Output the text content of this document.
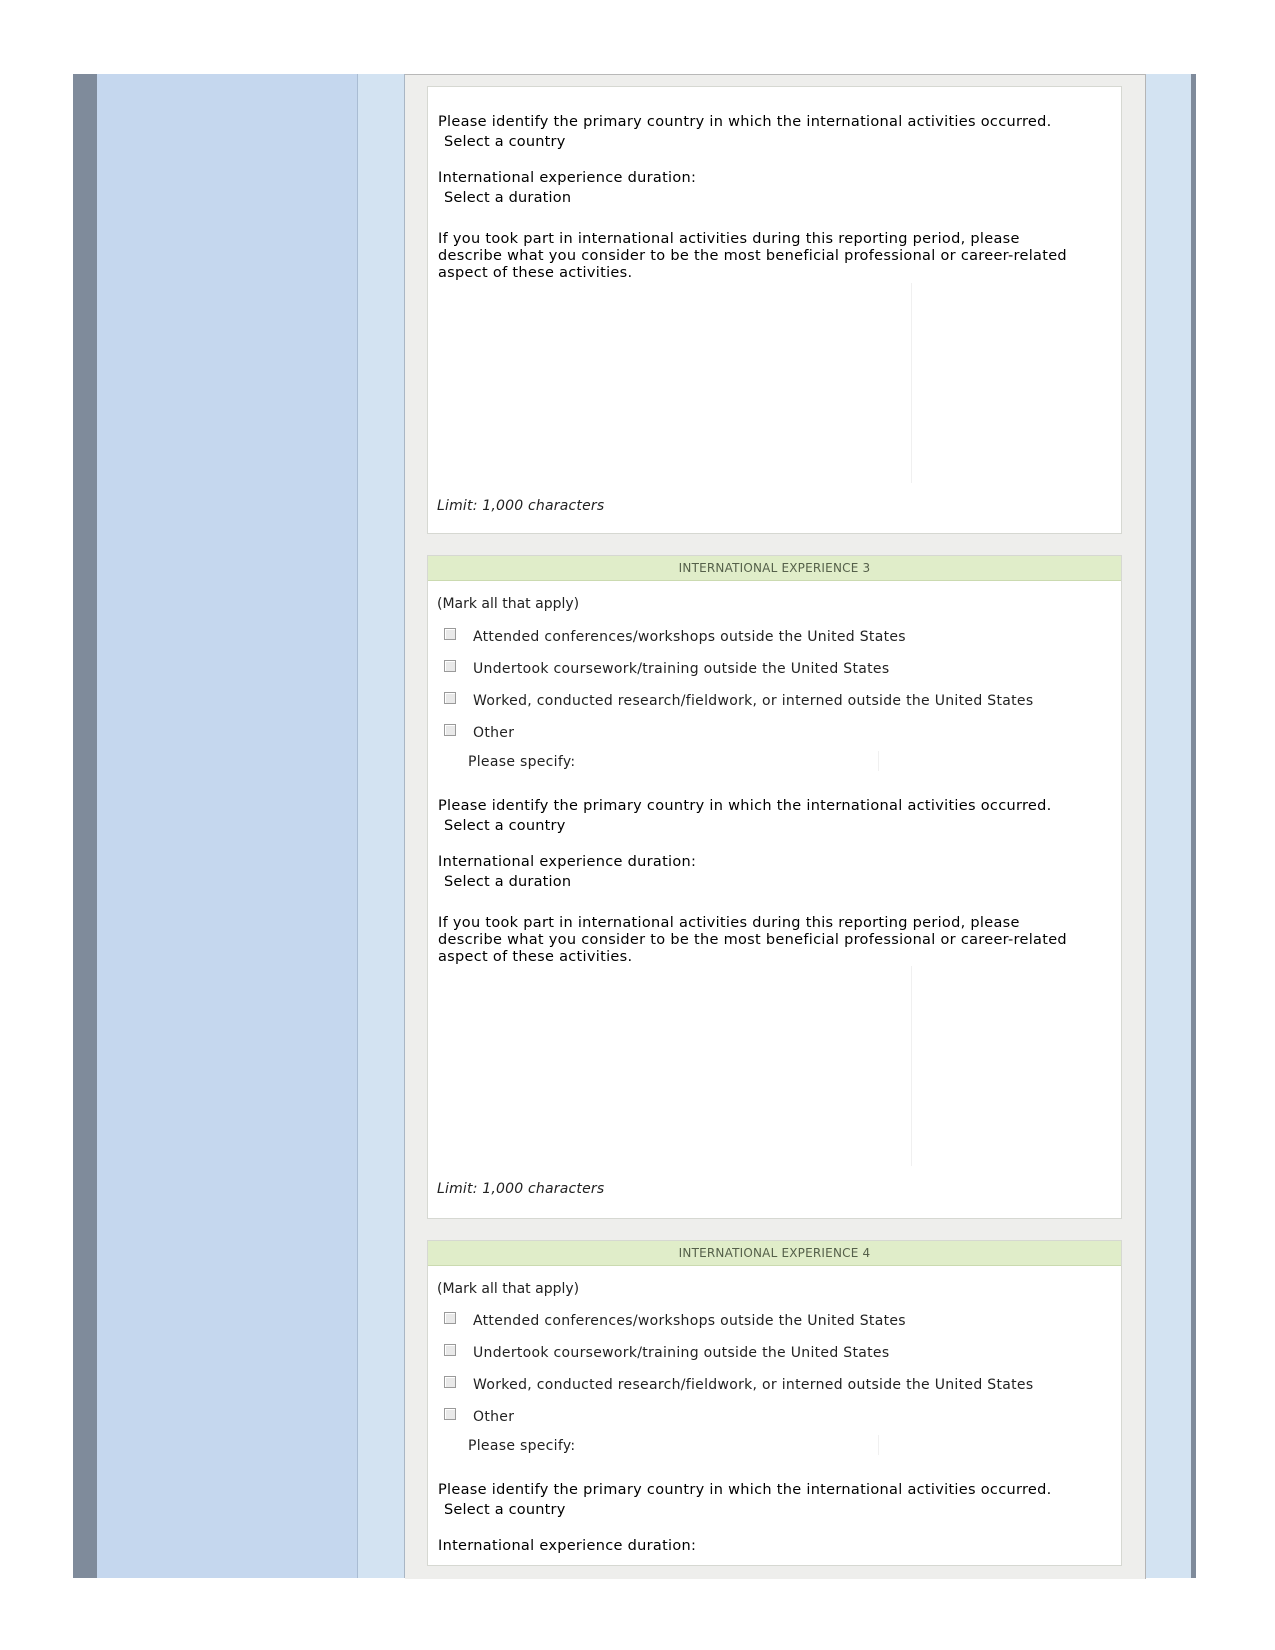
Please identify the primary country in which the international activities occurred.
Select a country
International experience duration:
Select a duration
If you took part in international activities during this reporting period, please describe what you consider to be the most beneficial professional or career-related aspect of these activities.
Limit: 1,000 characters
INTERNATIONAL EXPERIENCE 3
(Mark all that apply)
Attended conferences/workshops outside the United States
Undertook coursework/training outside the United States
Worked, conducted research/fieldwork, or interned outside the United States
Other
Please specify:
Please identify the primary country in which the international activities occurred.
Select a country
International experience duration:
Select a duration
If you took part in international activities during this reporting period, please describe what you consider to be the most beneficial professional or career-related aspect of these activities.
Limit: 1,000 characters
INTERNATIONAL EXPERIENCE 4
(Mark all that apply)
Attended conferences/workshops outside the United States
Undertook coursework/training outside the United States
Worked, conducted research/fieldwork, or interned outside the United States
Other
Please specify:
Please identify the primary country in which the international activities occurred.
Select a country
International experience duration:
